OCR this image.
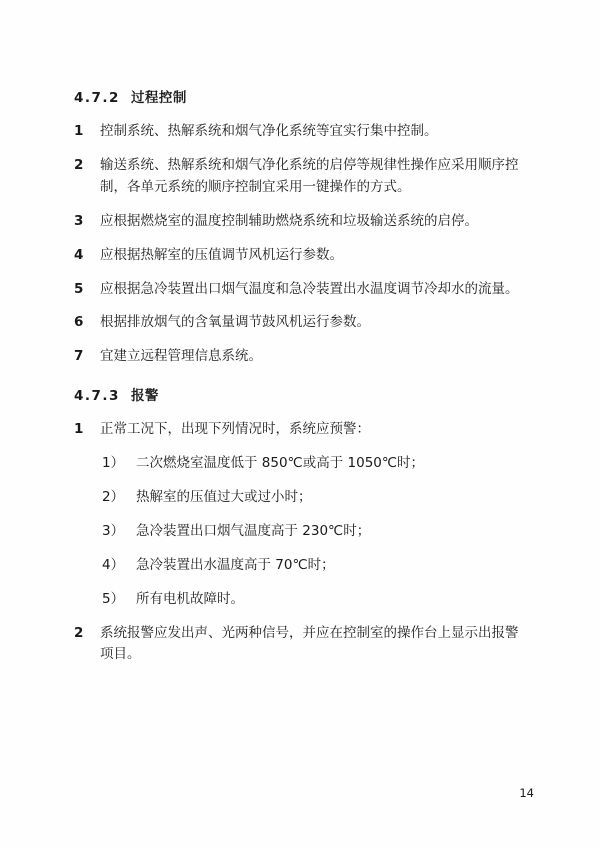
4.7.2 过程控制
1 控制系统、热解系统和烟气净化系统等宜实行集中控制。
2 输送系统、热解系统和烟气净化系统的启停等规律性操作应采用顺序控制，各单元系统的顺序控制宜采用一键操作的方式。
3 应根据燃烧室的温度控制辅助燃烧系统和垃圾输送系统的启停。
4 应根据热解室的压值调节风机运行参数。
5 应根据急冷装置出口烟气温度和急冷装置出水温度调节冷却水的流量。
6 根据排放烟气的含氧量调节鼓风机运行参数。
7 宜建立远程管理信息系统。
4.7.3 报警
1 正常工况下，出现下列情况时，系统应预警：
1） 二次燃烧室温度低于 850℃或高于 1050℃时；
2） 热解室的压值过大或过小时；
3） 急冷装置出口烟气温度高于 230℃时；
4） 急冷装置出水温度高于 70℃时；
5） 所有电机故障时。
2 系统报警应发出声、光两种信号，并应在控制室的操作台上显示出报警项目。
14
